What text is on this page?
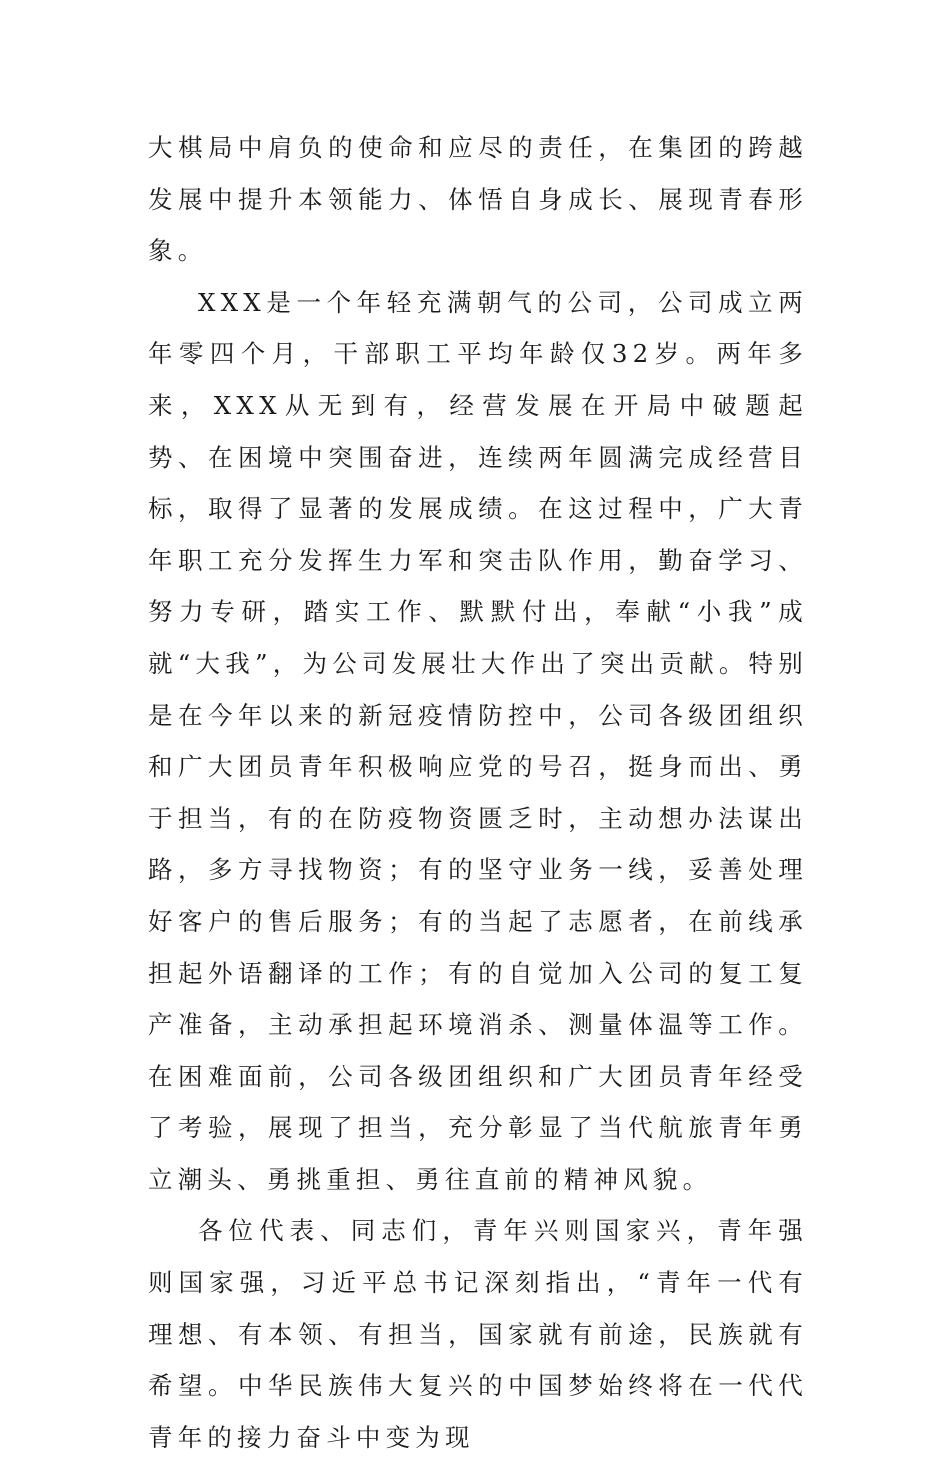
大棋局中肩负的使命和应尽的责任，在集团的跨越发展中提升本领能力、体悟自身成长、展现青春形象。

XXX是一个年轻充满朝气的公司，公司成立两年零四个月，干部职工平均年龄仅32岁。两年多来，XXX从无到有，经营发展在开局中破题起势、在困境中突围奋进，连续两年圆满完成经营目标，取得了显著的发展成绩。在这过程中，广大青年职工充分发挥生力军和突击队作用，勤奋学习、努力专研，踏实工作、默默付出，奉献“小我”成就“大我”，为公司发展壮大作出了突出贡献。特别是在今年以来的新冠疫情防控中，公司各级团组织和广大团员青年积极响应党的号召，挺身而出、勇于担当，有的在防疫物资匮乏时，主动想办法谋出路，多方寻找物资；有的坚守业务一线，妥善处理好客户的售后服务；有的当起了志愿者，在前线承担起外语翻译的工作；有的自觉加入公司的复工复产准备，主动承担起环境消杀、测量体温等工作。在困难面前，公司各级团组织和广大团员青年经受了考验，展现了担当，充分彰显了当代航旅青年勇立潮头、勇挑重担、勇往直前的精神风貌。

各位代表、同志们，青年兴则国家兴，青年强则国家强，习近平总书记深刻指出，“青年一代有理想、有本领、有担当，国家就有前途，民族就有希望。中华民族伟大复兴的中国梦始终将在一代代青年的接力奋斗中变为现
